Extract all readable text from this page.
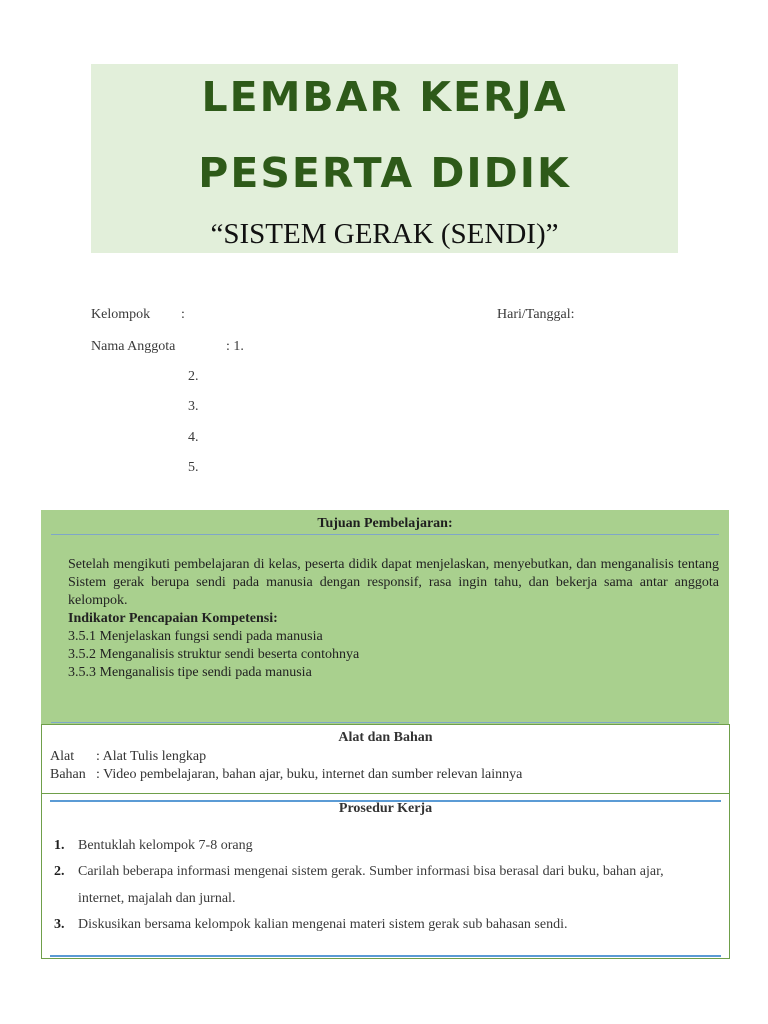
LEMBAR KERJA
PESERTA DIDIK
“SISTEM GERAK (SENDI)”
Kelompok :	Hari/Tanggal:
Nama Anggota	: 1.
2.
3.
4.
5.
Tujuan Pembelajaran:

Setelah mengikuti pembelajaran di kelas, peserta didik dapat menjelaskan, menyebutkan, dan menganalisis tentang Sistem gerak berupa sendi pada manusia dengan responsif, rasa ingin tahu, dan bekerja sama antar anggota kelompok.

Indikator Pencapaian Kompetensi:
3.5.1 Menjelaskan fungsi sendi pada manusia
3.5.2 Menganalisis struktur sendi beserta contohnya
3.5.3 Menganalisis tipe sendi pada manusia
Alat dan Bahan
Alat : Alat Tulis lengkap
Bahan : Video pembelajaran, bahan ajar, buku, internet dan sumber relevan lainnya
Prosedur Kerja
1. Bentuklah kelompok 7-8 orang
2. Carilah beberapa informasi mengenai sistem gerak. Sumber informasi bisa berasal dari buku, bahan ajar, internet, majalah dan jurnal.
3. Diskusikan bersama kelompok kalian mengenai materi sistem gerak sub bahasan sendi.
